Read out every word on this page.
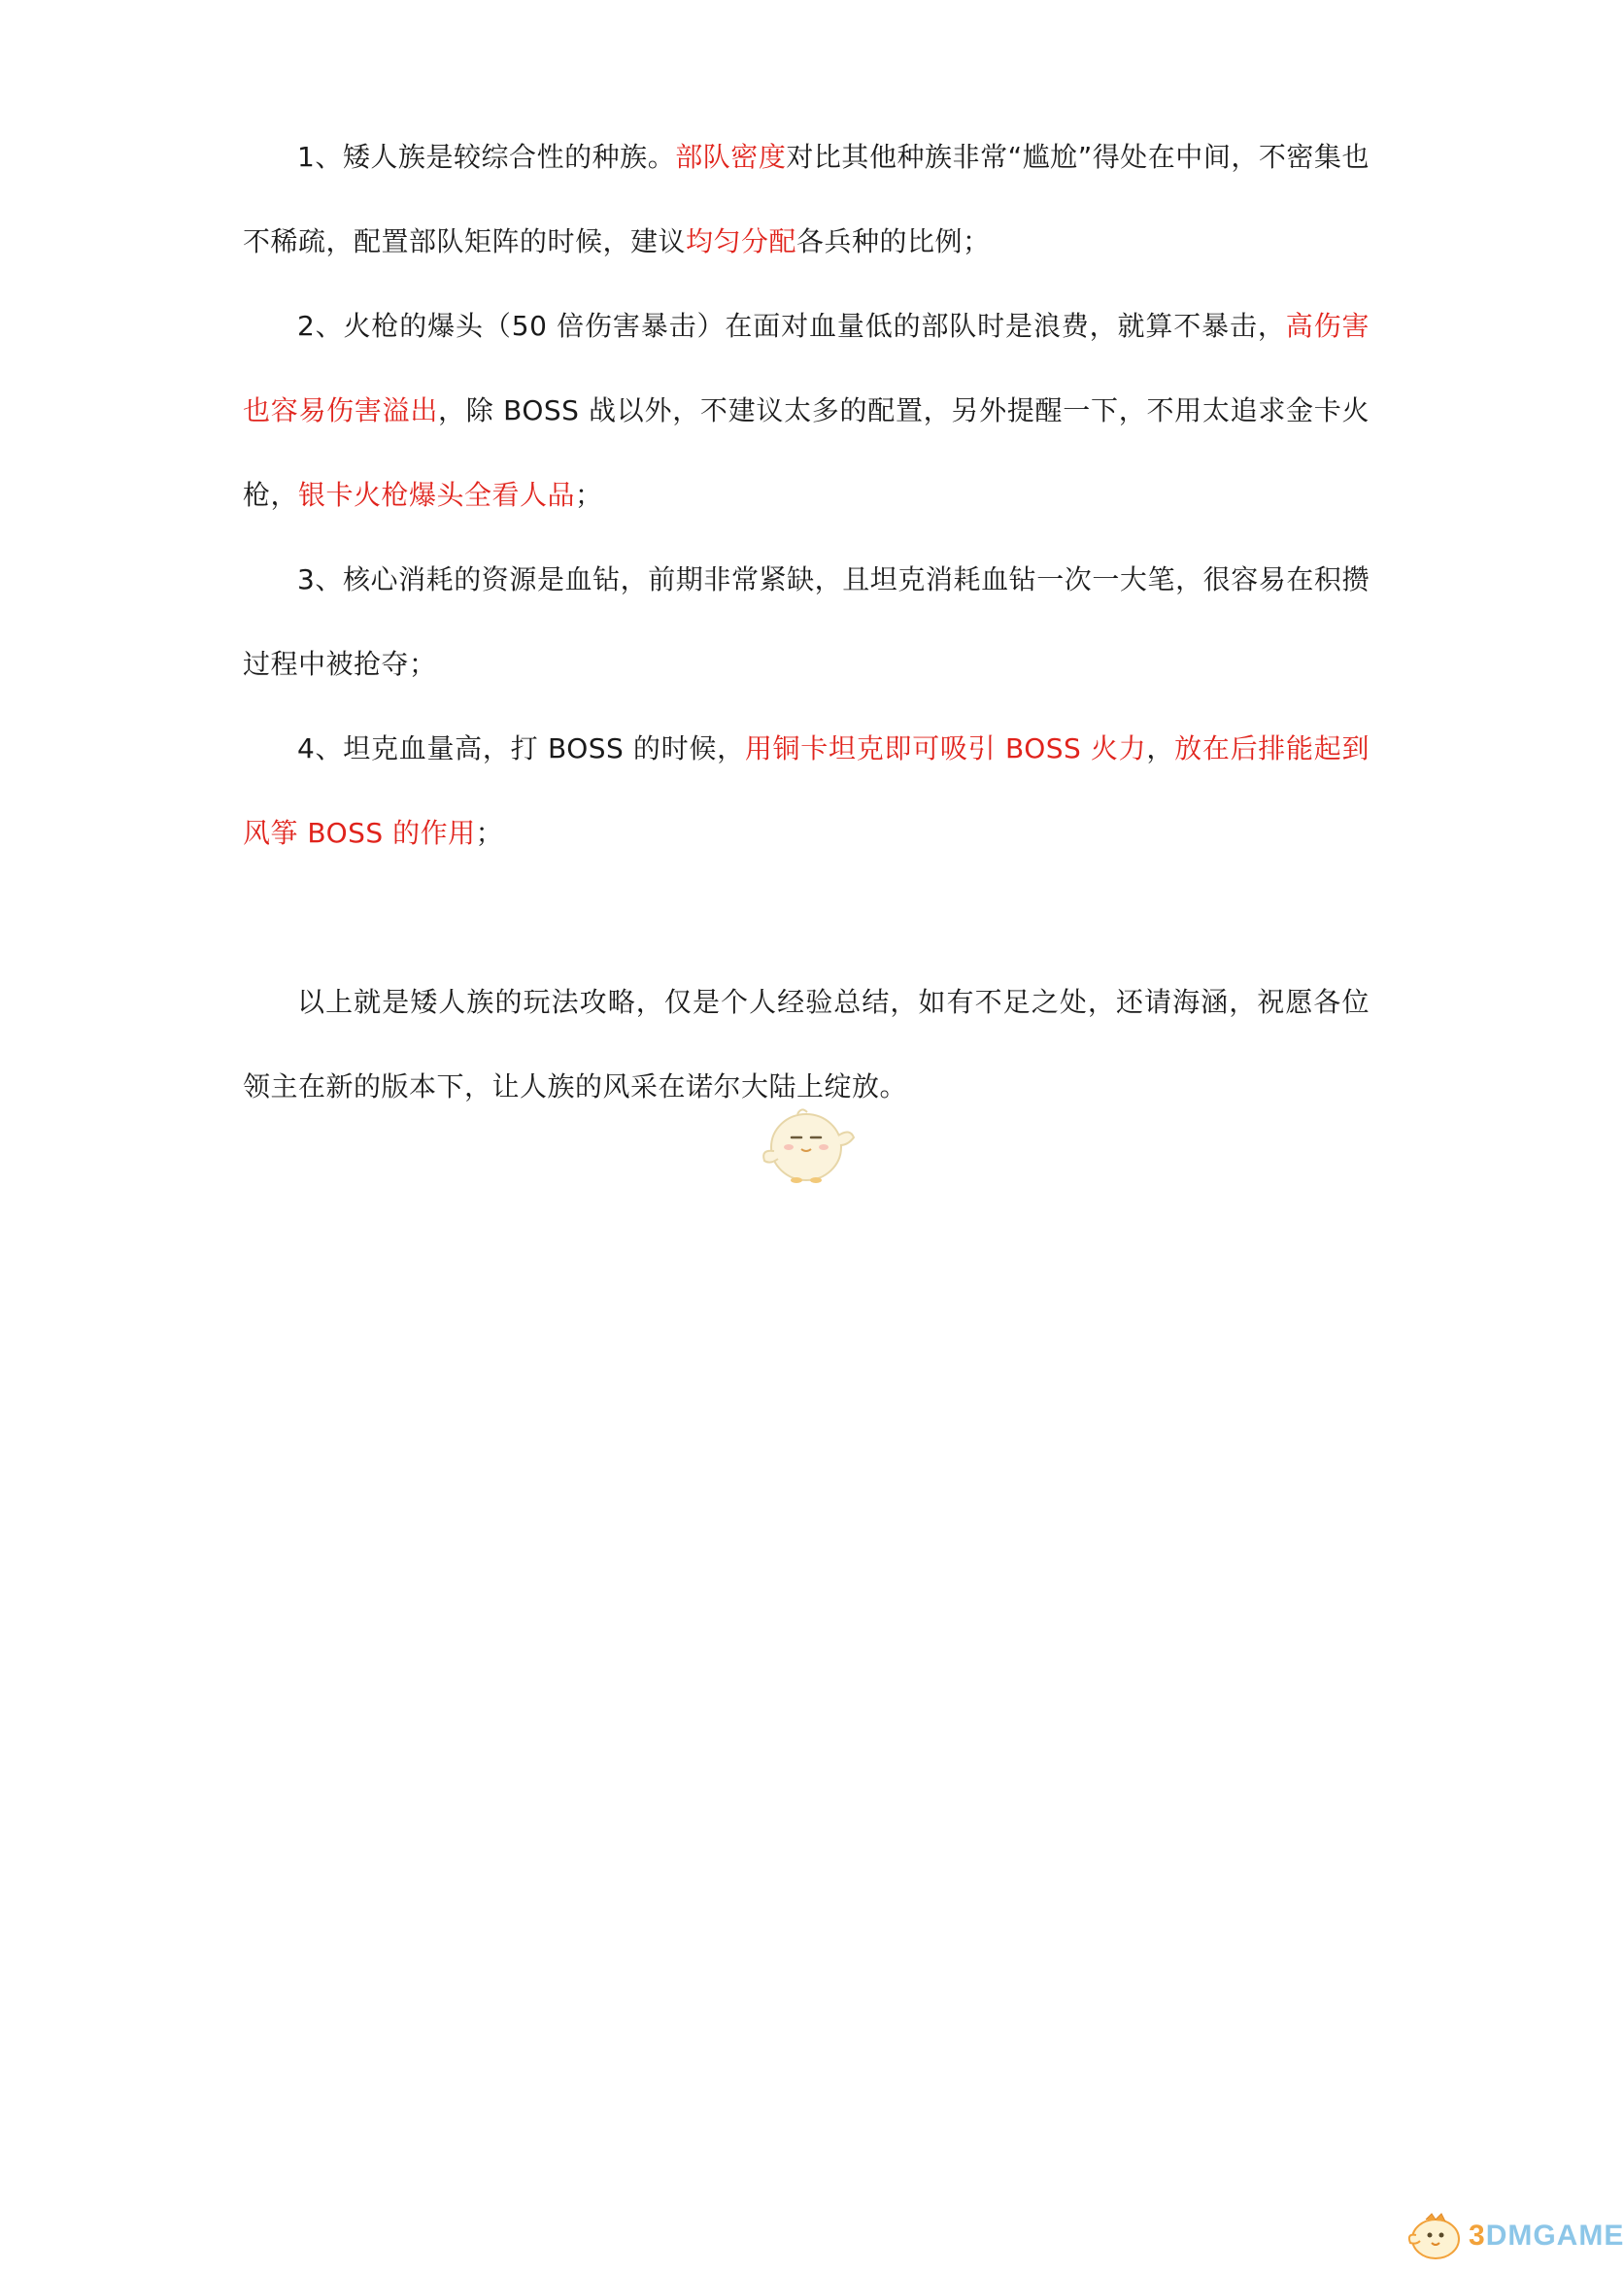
1、矮人族是较综合性的种族。部队密度对比其他种族非常“尴尬”得处在中间，不密集也不稀疏，配置部队矩阵的时候，建议均匀分配各兵种的比例；

2、火枪的爆头（50 倍伤害暴击）在面对血量低的部队时是浪费，就算不暴击，高伤害也容易伤害溢出，除 BOSS 战以外，不建议太多的配置，另外提醒一下，不用太追求金卡火枪，银卡火枪爆头全看人品；

3、核心消耗的资源是血钻，前期非常紧缺，且坦克消耗血钻一次一大笔，很容易在积攒过程中被抢夺；

4、坦克血量高，打 BOSS 的时候，用铜卡坦克即可吸引 BOSS 火力，放在后排能起到风筝 BOSS 的作用；

以上就是矮人族的玩法攻略，仅是个人经验总结，如有不足之处，还请海涵，祝愿各位领主在新的版本下，让人族的风采在诺尔大陆上绽放。

3DMGAME
